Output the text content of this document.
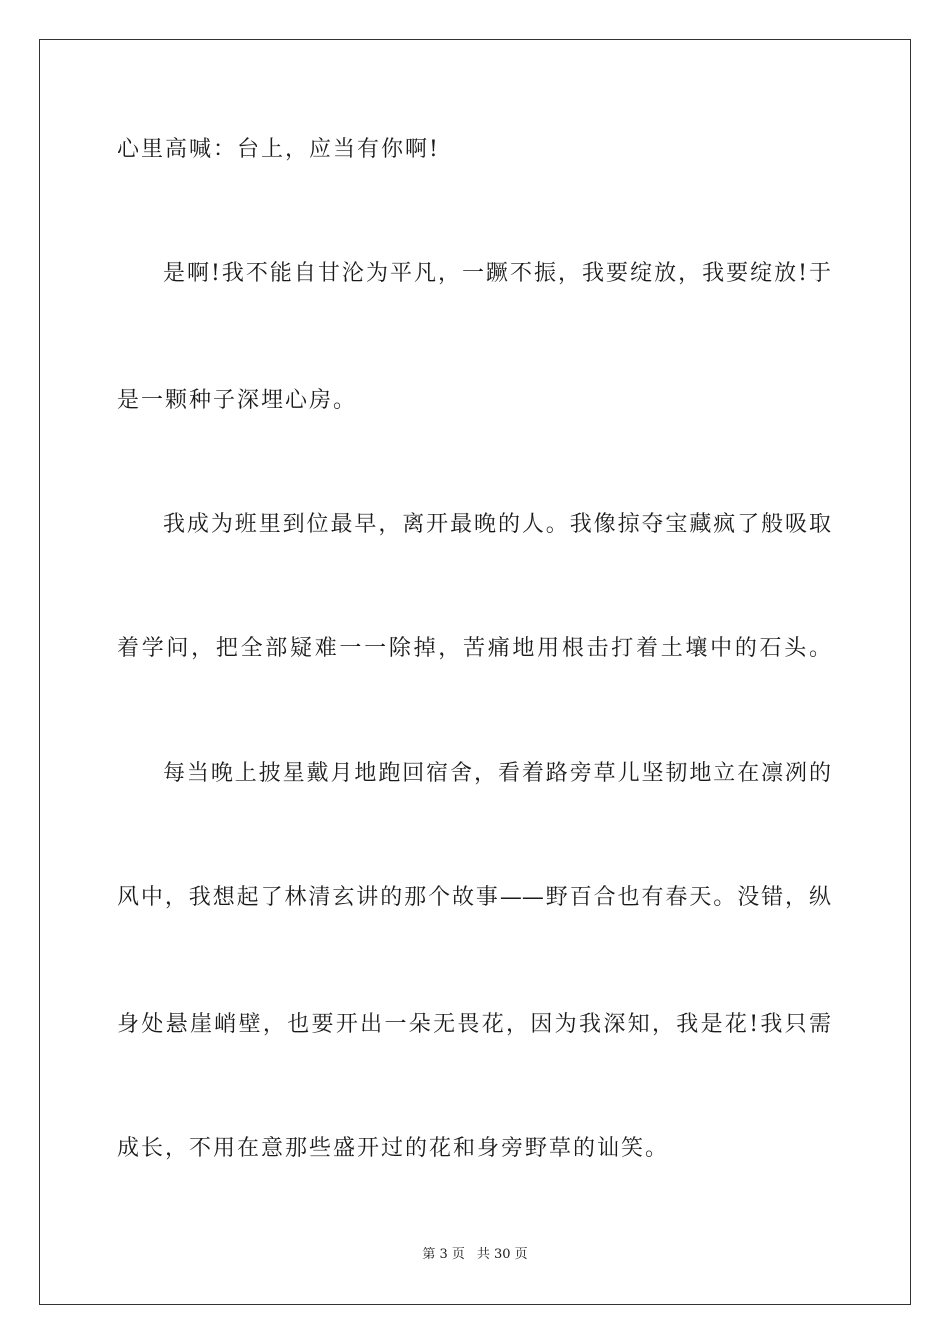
心里高喊：台上，应当有你啊!
是啊!我不能自甘沦为平凡，一蹶不振，我要绽放，我要绽放!于
是一颗种子深埋心房。
我成为班里到位最早，离开最晚的人。我像掠夺宝藏疯了般吸取
着学问，把全部疑难一一除掉，苦痛地用根击打着土壤中的石头。
每当晚上披星戴月地跑回宿舍，看着路旁草儿坚韧地立在凛冽的
风中，我想起了林清玄讲的那个故事——野百合也有春天。没错，纵
身处悬崖峭壁，也要开出一朵无畏花，因为我深知，我是花!我只需
成长，不用在意那些盛开过的花和身旁野草的讪笑。
第 3 页 共 30 页
